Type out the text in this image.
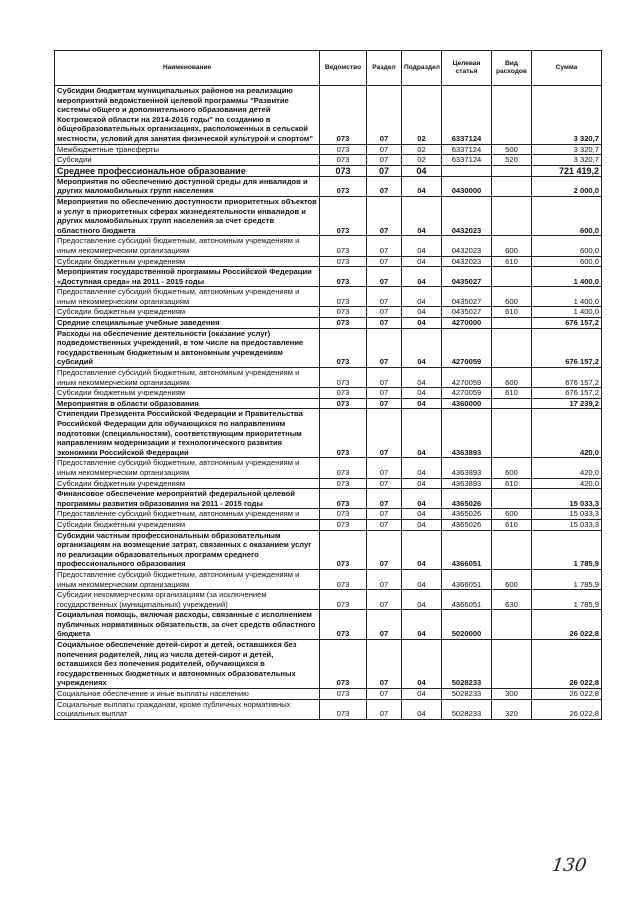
Наименование	Ведомство	Раздел	Подраздел	Целевая статья	Вид расходов	Сумма
Субсидии бюджетам муниципальных районов на реализацию мероприятий ведомственной целевой программы "Развитие системы общего и дополнительного образования детей Костромской области на 2014-2016 годы" по созданию в общеобразовательных организациях, расположенных в сельской местности, условий для занятия физической культурой и спортом"	073	07	02	6337124		3 320,7
Межбюджетные трансферты	073	07	02	6337124	500	3 320,7
Субсидии	073	07	02	6337124	520	3 320,7
Среднее профессиональное образование	073	07	04			721 419,2
Мероприятия по обеспечению доступной среды для инвалидов и других маломобильных групп населения	073	07	04	0430000		2 000,0
Мероприятия по обеспечению доступности приоритетных объектов и услуг в приоритетных сферах жизнедеятельности инвалидов и других маломобильных групп населения за счет средств областного бюджета	073	07	04	0432023		600,0
Предоставление субсидий бюджетным, автономным учреждениям и иным некоммерческим организациям	073	07	04	0432023	600	600,0
Субсидии бюджетным учреждениям	073	07	04	0432023	610	600,0
Мероприятия государственной программы Российской Федерации «Доступная среда» на 2011 - 2015 годы	073	07	04	0435027		1 400,0
Предоставление субсидий бюджетным, автономным учреждениям и иным некоммерческим организациям	073	07	04	0435027	600	1 400,0
Субсидии бюджетным учреждениям	073	07	04	0435027	610	1 400,0
Средние специальные учебные заведения	073	07	04	4270000		676 157,2
Расходы на обеспечение деятельности (оказание услуг) подведомственных учреждений, в том числе на предоставление государственным бюджетным и автономным учреждениям субсидий	073	07	04	4270059		676 157,2
Предоставление субсидий бюджетным, автономным учреждениям и иным некоммерческим организациям	073	07	04	4270059	600	676 157,2
Субсидии бюджетным учреждениям	073	07	04	4270059	610	676 157,2
Мероприятия в области образования	073	07	04	4360000		17 239,2
Стипендии Президента Российской Федерации и Правительства Российской Федерации для обучающихся по направлениям подготовки (специальностям), соответствующим приоритетным направлениям модернизации и технологического развития экономики Российской Федерации	073	07	04	4363893		420,0
Предоставление субсидий бюджетным, автономным учреждениям и иным некоммерческим организациям	073	07	04	4363893	600	420,0
Субсидии бюджетным учреждениям	073	07	04	4363893	610	420,0
Финансовое обеспечение мероприятий федеральной целевой программы развития образования на 2011 - 2015 годы	073	07	04	4365026		15 033,3
Предоставление субсидий бюджетным, автономным учреждениям и	073	07	04	4365026	600	15 033,3
Субсидии бюджетным учреждениям	073	07	04	4365026	610	15 033,3
Субсидии частным профессиональным образовательным организациям на возмещение затрат, связанных с оказанием услуг по реализации образовательных программ среднего профессионального образования	073	07	04	4366051		1 785,9
Предоставление субсидий бюджетным, автономным учреждениям и иным некоммерческим организациям	073	07	04	4366051	600	1 785,9
Субсидии некоммерческим организациям (за исключением государственных (муниципальных) учреждений)	073	07	04	4366051	630	1 785,9
Социальная помощь, включая расходы, связанные с исполнением публичных нормативных обязательств, за счет средств областного бюджета	073	07	04	5020000		26 022,8
Социальное обеспечение детей-сирот и детей, оставшихся без попечения родителей, лиц из числа детей-сирот и детей, оставшихся без попечения родителей, обучающихся в государственных бюджетных и автономных образовательных учреждениях	073	07	04	5028233		26 022,8
Социальное обеспечение и иные выплаты населению	073	07	04	5028233	300	26 022,8
Социальные выплаты гражданам, кроме публичных нормативных социальных выплат	073	07	04	5028233	320	26 022,8
130
